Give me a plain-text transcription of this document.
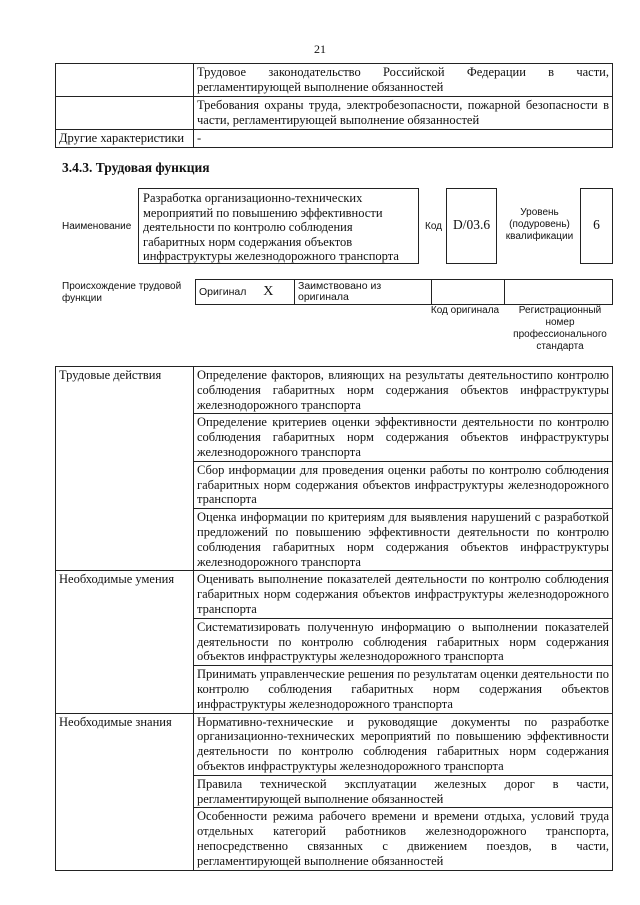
21
	Трудовое законодательство Российской Федерации в части, регламентирующей выполнение обязанностей
	Требования охраны труда, электробезопасности, пожарной безопасности в части, регламентирующей выполнение обязанностей
Другие характеристики	-
3.4.3. Трудовая функция
Наименование
Разработка организационно-технических мероприятий по повышению эффективности деятельности по контролю соблюдения габаритных норм содержания объектов инфраструктуры железнодорожного транспорта
Код D/03.6
Уровень (подуровень) квалификации
6
Происхождение трудовой функции
Оригинал X	Заимствовано из оригинала		
Код оригинала	Регистрационный номер профессионального стандарта
Трудовые действия	Определение факторов, влияющих на результаты деятельностипо контролю соблюдения габаритных норм содержания объектов инфраструктуры железнодорожного транспорта
	Определение критериев оценки эффективности деятельности по контролю соблюдения габаритных норм содержания объектов инфраструктуры железнодорожного транспорта
	Сбор информации для проведения оценки работы по контролю соблюдения габаритных норм содержания объектов инфраструктуры железнодорожного транспорта
	Оценка информации по критериям для выявления нарушений с разработкой предложений по повышению эффективности деятельности по контролю соблюдения габаритных норм содержания объектов инфраструктуры железнодорожного транспорта
Необходимые умения	Оценивать выполнение показателей деятельности по контролю соблюдения габаритных норм содержания объектов инфраструктуры железнодорожного транспорта
	Систематизировать полученную информацию о выполнении показателей деятельности по контролю соблюдения габаритных норм содержания объектов инфраструктуры железнодорожного транспорта
	Принимать управленческие решения по результатам оценки деятельности по контролю соблюдения габаритных норм содержания объектов инфраструктуры железнодорожного транспорта
Необходимые знания	Нормативно-технические и руководящие документы по разработке организационно-технических мероприятий по повышению эффективности деятельности по контролю соблюдения габаритных норм содержания объектов инфраструктуры железнодорожного транспорта
	Правила технической эксплуатации железных дорог в части, регламентирующей выполнение обязанностей
	Особенности режима рабочего времени и времени отдыха, условий труда отдельных категорий работников железнодорожного транспорта, непосредственно связанных с движением поездов, в части, регламентирующей выполнение обязанностей
